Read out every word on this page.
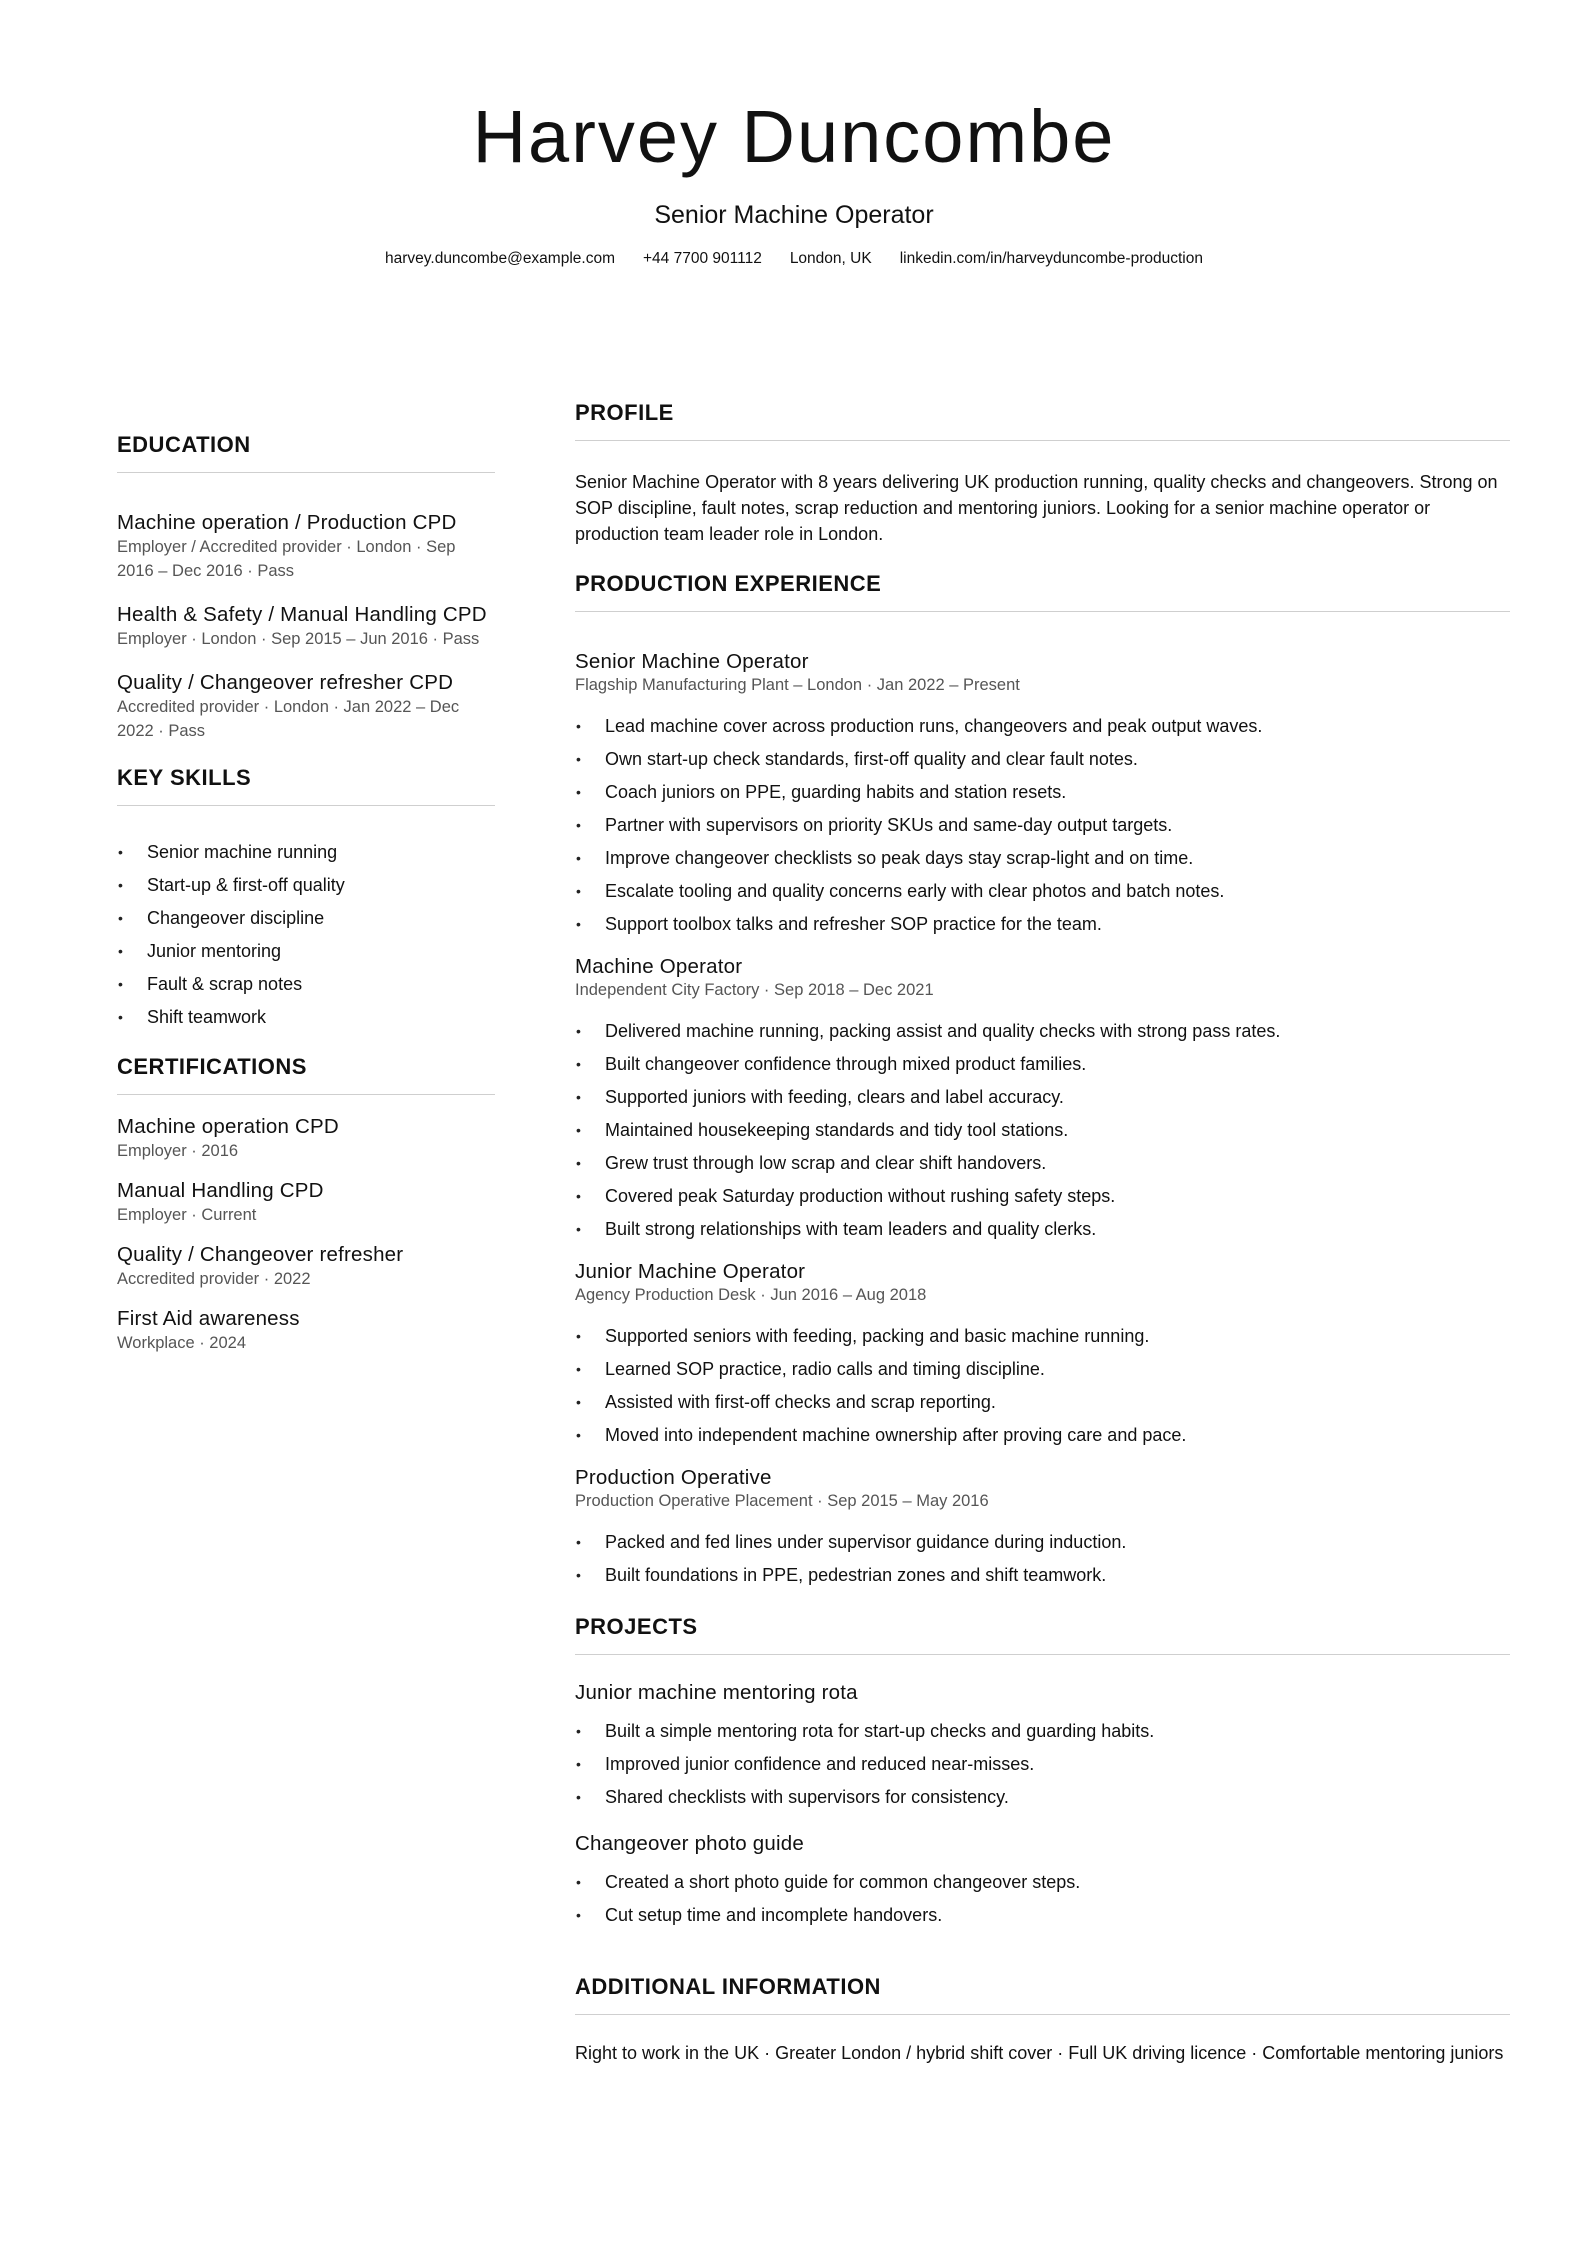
Harvey Duncombe
Senior Machine Operator
harvey.duncombe@example.com +44 7700 901112 London, UK linkedin.com/in/harveyduncombe-production
EDUCATION
Machine operation / Production CPD
Employer / Accredited provider · London · Sep 2016 – Dec 2016 · Pass
Health & Safety / Manual Handling CPD
Employer · London · Sep 2015 – Jun 2016 · Pass
Quality / Changeover refresher CPD
Accredited provider · London · Jan 2022 – Dec 2022 · Pass
KEY SKILLS
• Senior machine running
• Start-up & first-off quality
• Changeover discipline
• Junior mentoring
• Fault & scrap notes
• Shift teamwork
CERTIFICATIONS
Machine operation CPD
Employer · 2016
Manual Handling CPD
Employer · Current
Quality / Changeover refresher
Accredited provider · 2022
First Aid awareness
Workplace · 2024
PROFILE
Senior Machine Operator with 8 years delivering UK production running, quality checks and changeovers. Strong on SOP discipline, fault notes, scrap reduction and mentoring juniors. Looking for a senior machine operator or production team leader role in London.
PRODUCTION EXPERIENCE
Senior Machine Operator
Flagship Manufacturing Plant – London · Jan 2022 – Present
• Lead machine cover across production runs, changeovers and peak output waves.
• Own start-up check standards, first-off quality and clear fault notes.
• Coach juniors on PPE, guarding habits and station resets.
• Partner with supervisors on priority SKUs and same-day output targets.
• Improve changeover checklists so peak days stay scrap-light and on time.
• Escalate tooling and quality concerns early with clear photos and batch notes.
• Support toolbox talks and refresher SOP practice for the team.
Machine Operator
Independent City Factory · Sep 2018 – Dec 2021
• Delivered machine running, packing assist and quality checks with strong pass rates.
• Built changeover confidence through mixed product families.
• Supported juniors with feeding, clears and label accuracy.
• Maintained housekeeping standards and tidy tool stations.
• Grew trust through low scrap and clear shift handovers.
• Covered peak Saturday production without rushing safety steps.
• Built strong relationships with team leaders and quality clerks.
Junior Machine Operator
Agency Production Desk · Jun 2016 – Aug 2018
• Supported seniors with feeding, packing and basic machine running.
• Learned SOP practice, radio calls and timing discipline.
• Assisted with first-off checks and scrap reporting.
• Moved into independent machine ownership after proving care and pace.
Production Operative
Production Operative Placement · Sep 2015 – May 2016
• Packed and fed lines under supervisor guidance during induction.
• Built foundations in PPE, pedestrian zones and shift teamwork.
PROJECTS
Junior machine mentoring rota
• Built a simple mentoring rota for start-up checks and guarding habits.
• Improved junior confidence and reduced near-misses.
• Shared checklists with supervisors for consistency.
Changeover photo guide
• Created a short photo guide for common changeover steps.
• Cut setup time and incomplete handovers.
ADDITIONAL INFORMATION
Right to work in the UK · Greater London / hybrid shift cover · Full UK driving licence · Comfortable mentoring juniors
